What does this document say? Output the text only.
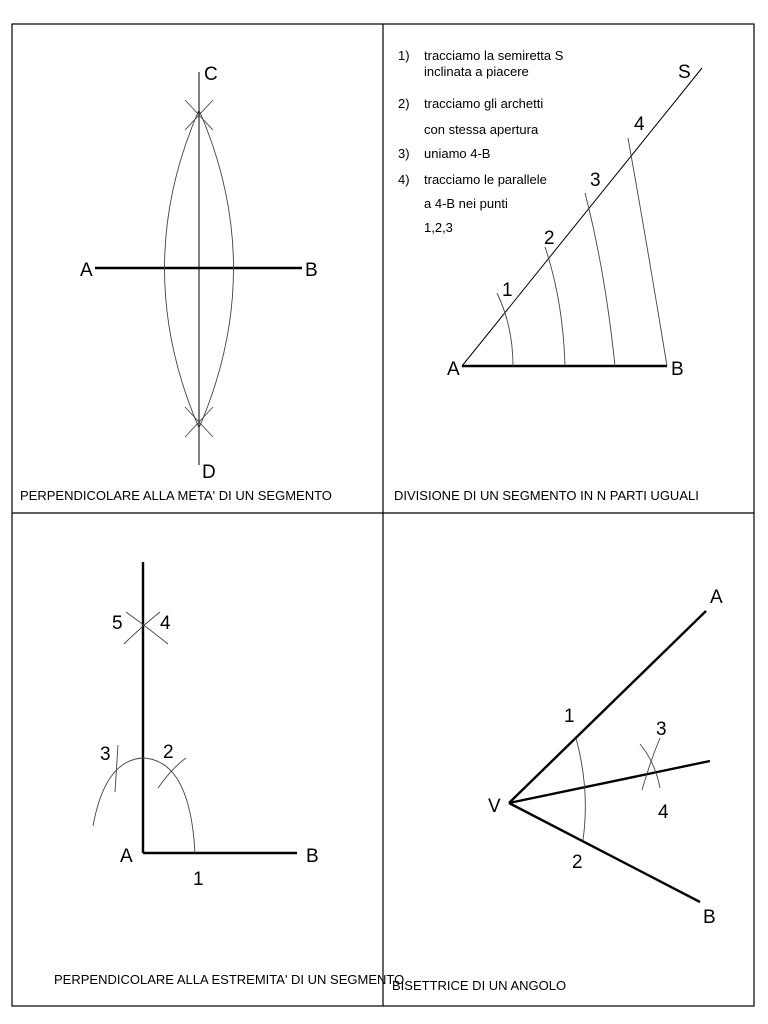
A	B
C
D
PERPENDICOLARE ALLA META' DI UN SEGMENTO
1) tracciamo la semiretta S
inclinata a piacere
2) tracciamo gli archetti
con stessa apertura
3) uniamo 4-B
4) tracciamo le parallele
a 4-B nei punti
1,2,3
A	B
S
1
2
3
4
DIVISIONE DI UN SEGMENTO IN N PARTI UGUALI
A	B
1
2
3
4
5
PERPENDICOLARE ALLA ESTREMITA' DI UN SEGMENTO
V
A
B
1
2
3
4
BISETTRICE DI UN ANGOLO
